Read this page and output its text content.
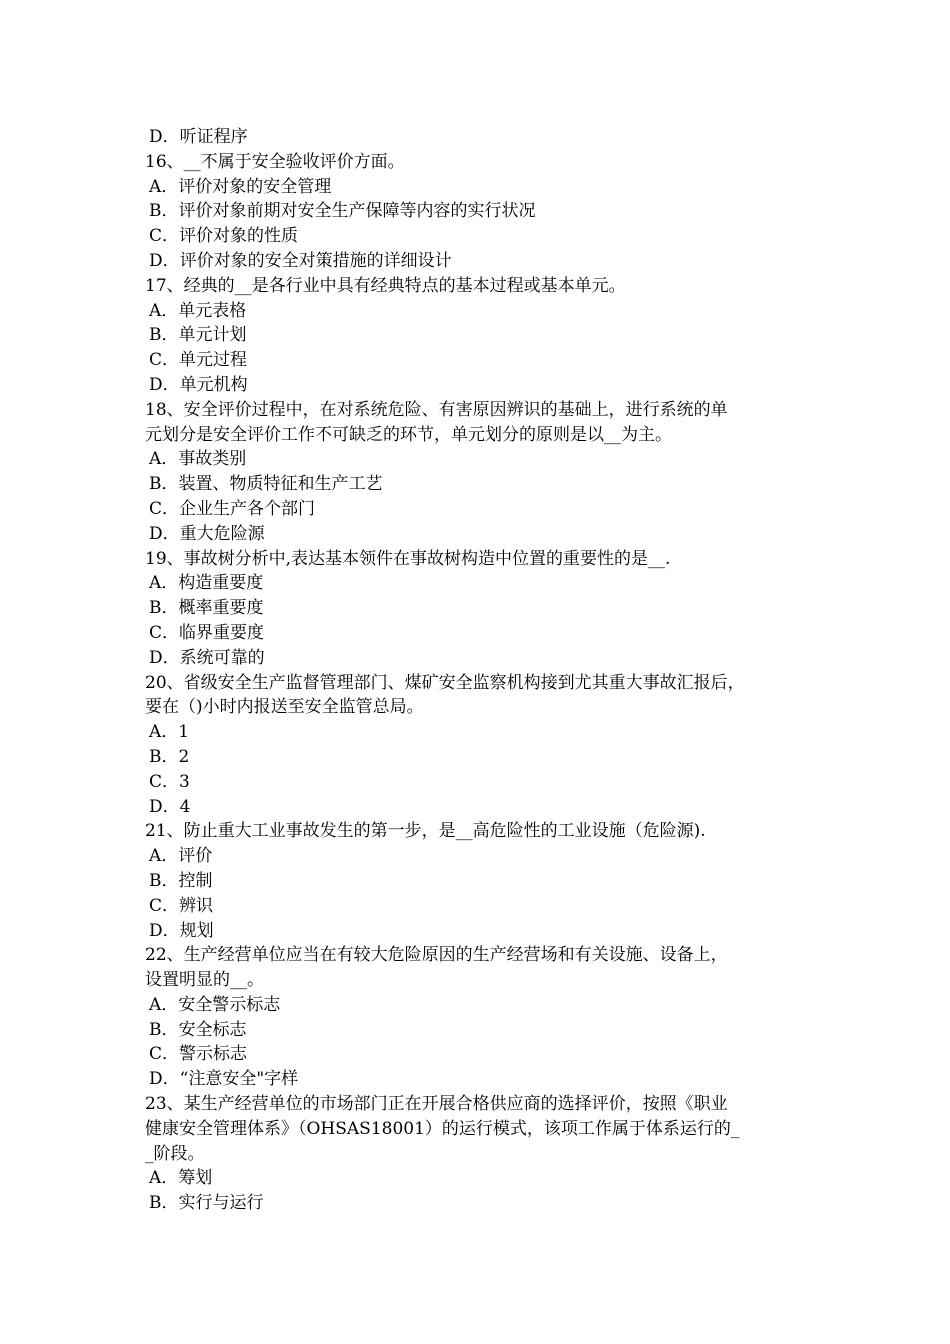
D．听证程序
16、__不属于安全验收评价方面。
A．评价对象的安全管理
B．评价对象前期对安全生产保障等内容的实行状况
C．评价对象的性质
D．评价对象的安全对策措施的详细设计
17、经典的__是各行业中具有经典特点的基本过程或基本单元。
A．单元表格
B．单元计划
C．单元过程
D．单元机构
18、安全评价过程中，在对系统危险、有害原因辨识的基础上，进行系统的单
元划分是安全评价工作不可缺乏的环节，单元划分的原则是以__为主。
A．事故类别
B．装置、物质特征和生产工艺
C．企业生产各个部门
D．重大危险源
19、事故树分析中,表达基本领件在事故树构造中位置的重要性的是__.
A．构造重要度
B．概率重要度
C．临界重要度
D．系统可靠的
20、省级安全生产监督管理部门、煤矿安全监察机构接到尤其重大事故汇报后，
要在（)小时内报送至安全监管总局。
A．1
B．2
C．3
D．4
21、防止重大工业事故发生的第一步，是__高危险性的工业设施（危险源).
A．评价
B．控制
C．辨识
D．规划
22、生产经营单位应当在有较大危险原因的生产经营场和有关设施、设备上，
设置明显的__。
A．安全警示标志
B．安全标志
C．警示标志
D．“注意安全"字样
23、某生产经营单位的市场部门正在开展合格供应商的选择评价，按照《职业
健康安全管理体系》（OHSAS18001）的运行模式，该项工作属于体系运行的_
_阶段。
A．筹划
B．实行与运行
